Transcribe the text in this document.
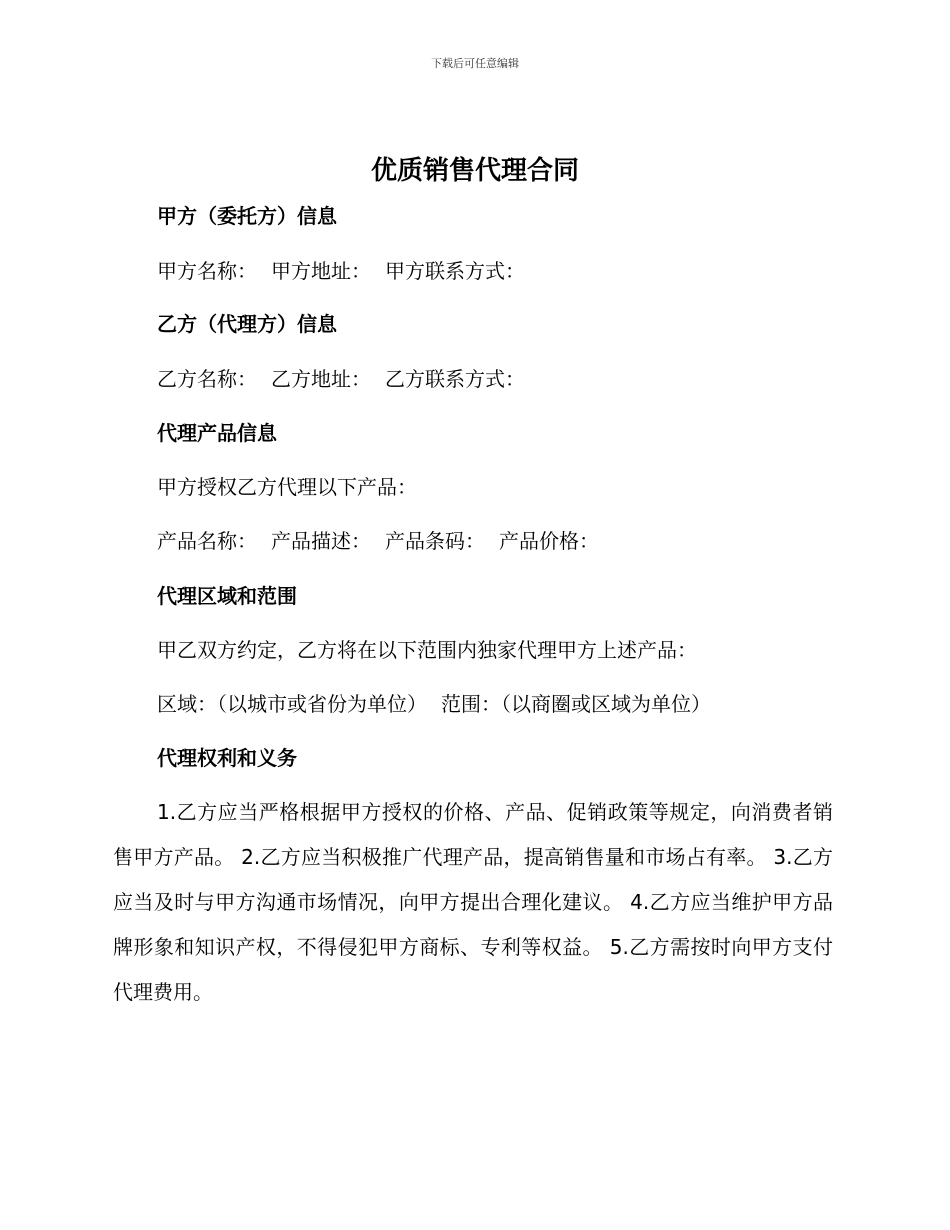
下载后可任意编辑
优质销售代理合同
甲方（委托方）信息

甲方名称： 甲方地址： 甲方联系方式：

乙方（代理方）信息

乙方名称： 乙方地址： 乙方联系方式：

代理产品信息

甲方授权乙方代理以下产品：

产品名称： 产品描述： 产品条码： 产品价格：

代理区域和范围

甲乙双方约定，乙方将在以下范围内独家代理甲方上述产品：

区域：（以城市或省份为单位） 范围：（以商圈或区域为单位）

代理权利和义务

1.乙方应当严格根据甲方授权的价格、产品、促销政策等规定，向消费者销售甲方产品。 2.乙方应当积极推广代理产品，提高销售量和市场占有率。 3.乙方应当及时与甲方沟通市场情况，向甲方提出合理化建议。 4.乙方应当维护甲方品牌形象和知识产权，不得侵犯甲方商标、专利等权益。 5.乙方需按时向甲方支付代理费用。
